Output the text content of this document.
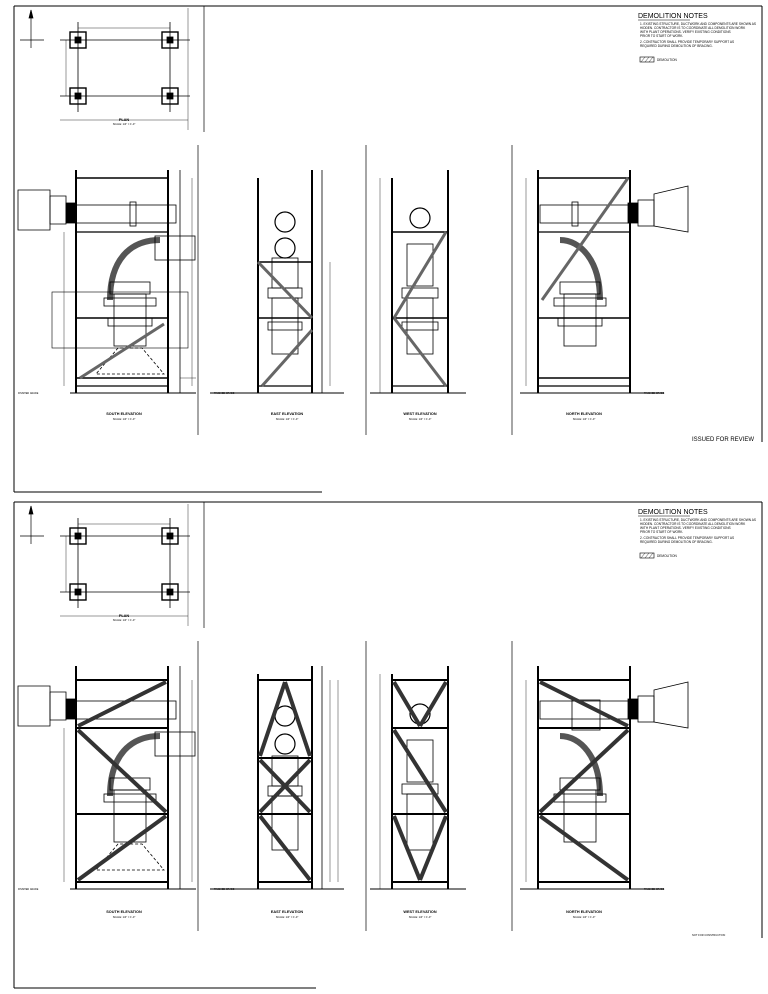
PLAN
SCALE: 1/4" = 1'-0"
DEMOLITION NOTES
1. EXISTING STRUCTURE, DUCTWORK AND COMPONENTS ARE SHOWN AS
HIDDEN. CONTRACTOR IS TO COORDINATE ALL DEMOLITION WORK
WITH PLANT OPERATIONS. VERIFY EXISTING CONDITIONS
PRIOR TO START OF WORK.
2. CONTRACTOR SHALL PROVIDE TEMPORARY SUPPORT AS
REQUIRED DURING DEMOLITION OF BRACING.
DEMOLITION
FINISHED GRADE
SOUTH ELEVATION
SCALE: 1/4" = 1'-0"
FINISHED GRADE
EAST ELEVATION
SCALE: 1/4" = 1'-0"
WEST ELEVATION
SCALE: 1/4" = 1'-0"
FINISHED GRADE
NORTH ELEVATION
SCALE: 1/4" = 1'-0"
ISSUED FOR REVIEW
PLAN
SCALE: 1/4" = 1'-0"
DEMOLITION NOTES
1. EXISTING STRUCTURE, DUCTWORK AND COMPONENTS ARE SHOWN AS
HIDDEN. CONTRACTOR IS TO COORDINATE ALL DEMOLITION WORK
WITH PLANT OPERATIONS. VERIFY EXISTING CONDITIONS
PRIOR TO START OF WORK.
2. CONTRACTOR SHALL PROVIDE TEMPORARY SUPPORT AS
REQUIRED DURING DEMOLITION OF BRACING.
DEMOLITION
FINISHED GRADE
SOUTH ELEVATION
SCALE: 1/4" = 1'-0"
FINISHED GRADE
EAST ELEVATION
SCALE: 1/4" = 1'-0"
WEST ELEVATION
SCALE: 1/4" = 1'-0"
FINISHED GRADE
NORTH ELEVATION
SCALE: 1/4" = 1'-0"
NOT FOR CONSTRUCTION
